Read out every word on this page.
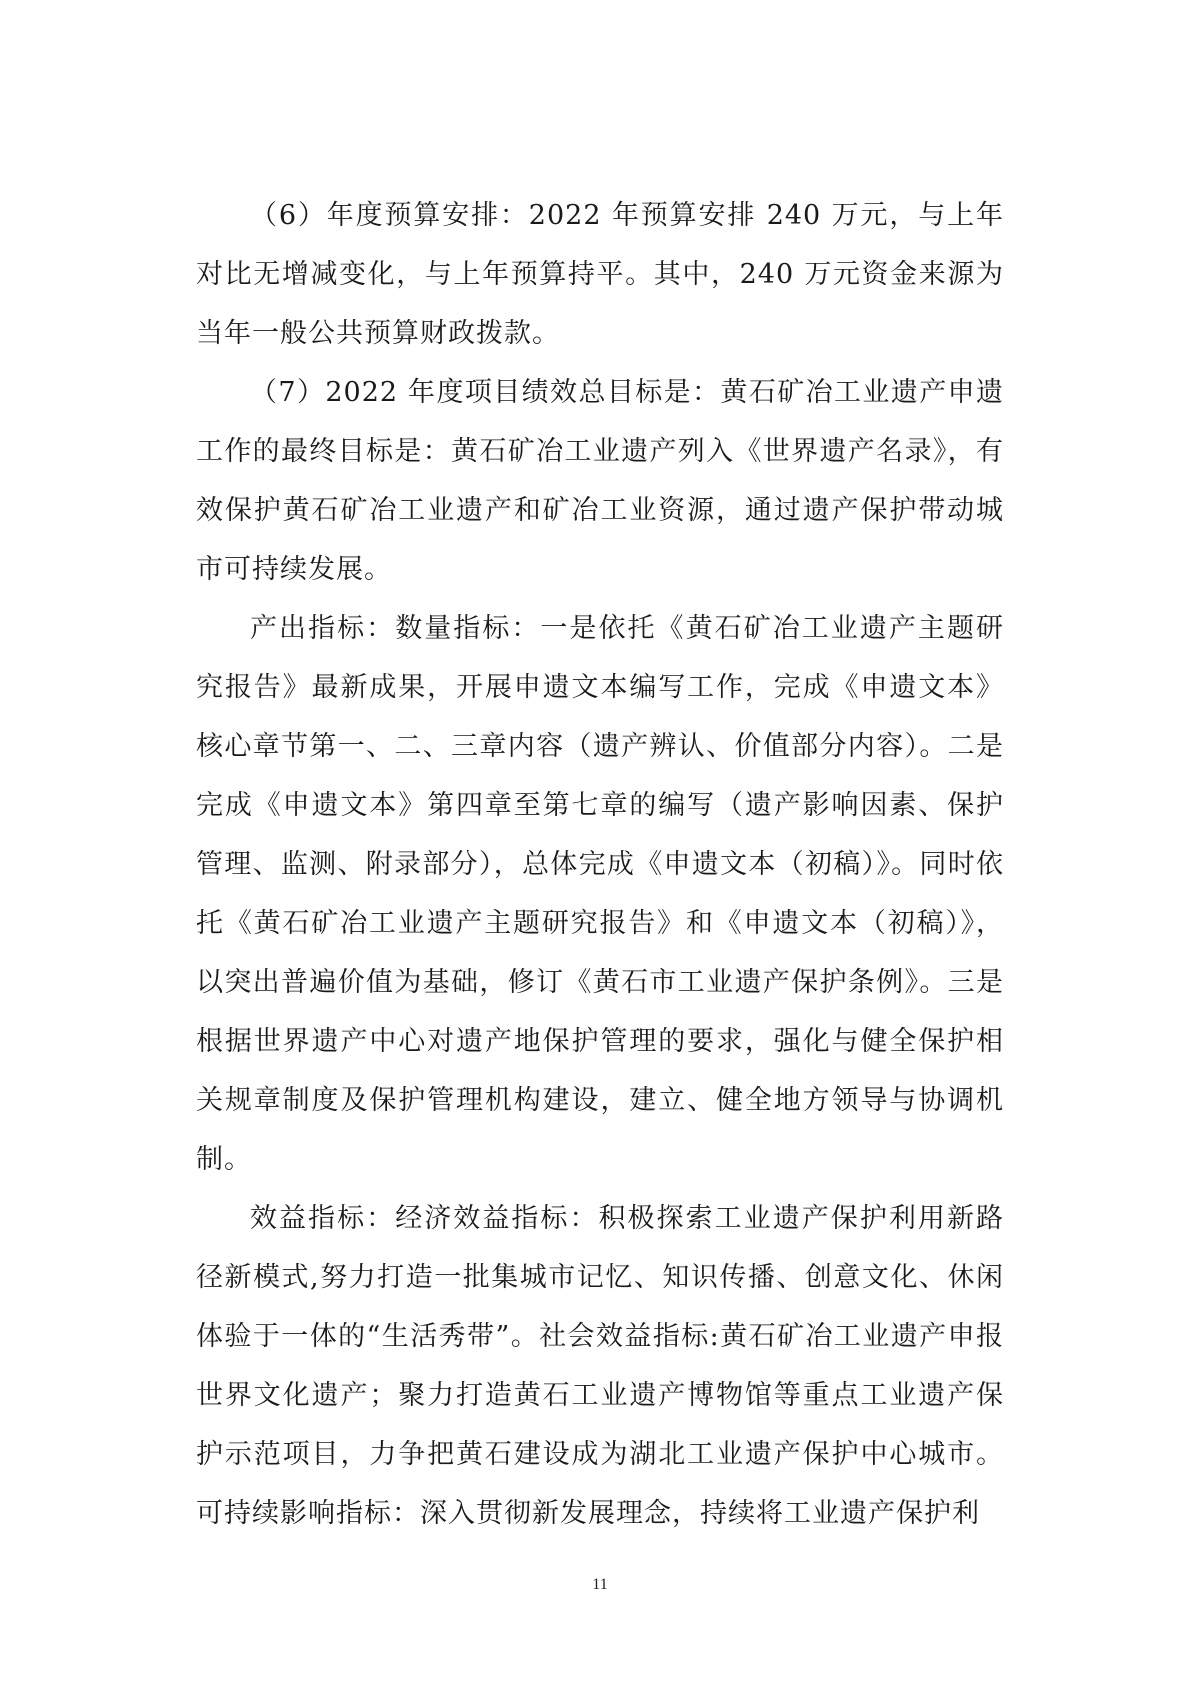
（6）年度预算安排：2022 年预算安排 240 万元，与上年对比无增减变化，与上年预算持平。其中，240 万元资金来源为当年一般公共预算财政拨款。

（7）2022 年度项目绩效总目标是：黄石矿冶工业遗产申遗工作的最终目标是：黄石矿冶工业遗产列入《世界遗产名录》，有效保护黄石矿冶工业遗产和矿冶工业资源，通过遗产保护带动城市可持续发展。

产出指标：数量指标：一是依托《黄石矿冶工业遗产主题研究报告》最新成果，开展申遗文本编写工作，完成《申遗文本》核心章节第一、二、三章内容（遗产辨认、价值部分内容）。二是完成《申遗文本》第四章至第七章的编写（遗产影响因素、保护管理、监测、附录部分），总体完成《申遗文本（初稿）》。同时依托《黄石矿冶工业遗产主题研究报告》和《申遗文本（初稿）》，以突出普遍价值为基础，修订《黄石市工业遗产保护条例》。三是根据世界遗产中心对遗产地保护管理的要求，强化与健全保护相关规章制度及保护管理机构建设，建立、健全地方领导与协调机制。

效益指标：经济效益指标：积极探索工业遗产保护利用新路径新模式,努力打造一批集城市记忆、知识传播、创意文化、休闲体验于一体的“生活秀带”。社会效益指标:黄石矿冶工业遗产申报世界文化遗产；聚力打造黄石工业遗产博物馆等重点工业遗产保护示范项目，力争把黄石建设成为湖北工业遗产保护中心城市。可持续影响指标：深入贯彻新发展理念，持续将工业遗产保护利

11
